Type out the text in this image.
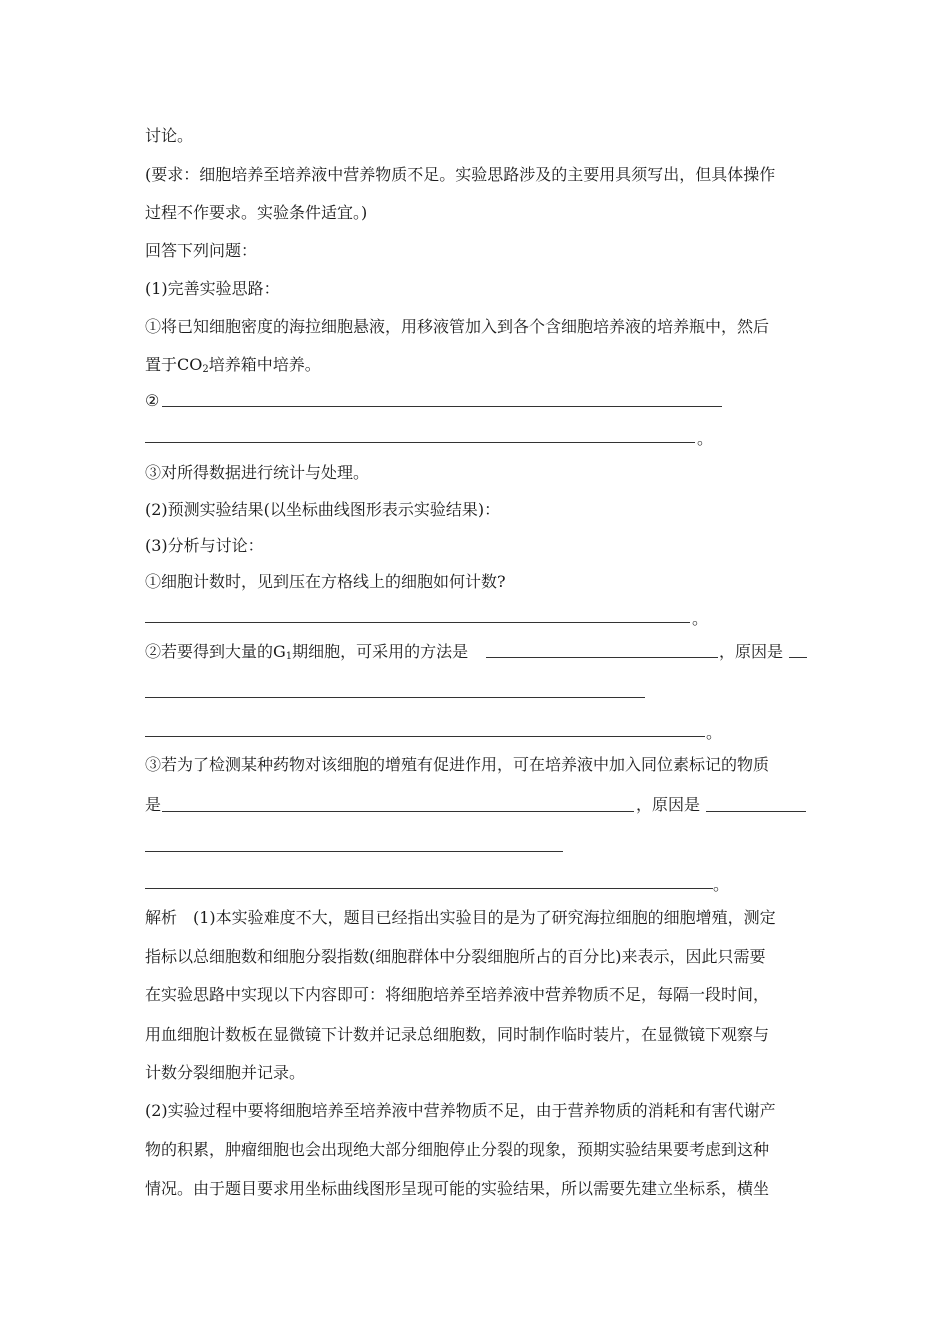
讨论。
(要求：细胞培养至培养液中营养物质不足。实验思路涉及的主要用具须写出，但具体操作
过程不作要求。实验条件适宜。)
回答下列问题：
(1)完善实验思路：
①将已知细胞密度的海拉细胞悬液，用移液管加入到各个含细胞培养液的培养瓶中，然后
置于$CO_2$培养箱中培养。
②
。
③对所得数据进行统计与处理。
(2)预测实验结果(以坐标曲线图形表示实验结果)：
(3)分析与讨论：
①细胞计数时，见到压在方格线上的细胞如何计数?
。
②若要得到大量的$G_1$期细胞，可采用的方法是	，原因是
。
③若为了检测某种药物对该细胞的增殖有促进作用，可在培养液中加入同位素标记的物质
是	，原因是
。
解析　(1)本实验难度不大，题目已经指出实验目的是为了研究海拉细胞的细胞增殖，测定
指标以总细胞数和细胞分裂指数(细胞群体中分裂细胞所占的百分比)来表示，因此只需要
在实验思路中实现以下内容即可：将细胞培养至培养液中营养物质不足，每隔一段时间，
用血细胞计数板在显微镜下计数并记录总细胞数，同时制作临时装片，在显微镜下观察与
计数分裂细胞并记录。
(2)实验过程中要将细胞培养至培养液中营养物质不足，由于营养物质的消耗和有害代谢产
物的积累，肿瘤细胞也会出现绝大部分细胞停止分裂的现象，预期实验结果要考虑到这种
情况。由于题目要求用坐标曲线图形呈现可能的实验结果，所以需要先建立坐标系，横坐
